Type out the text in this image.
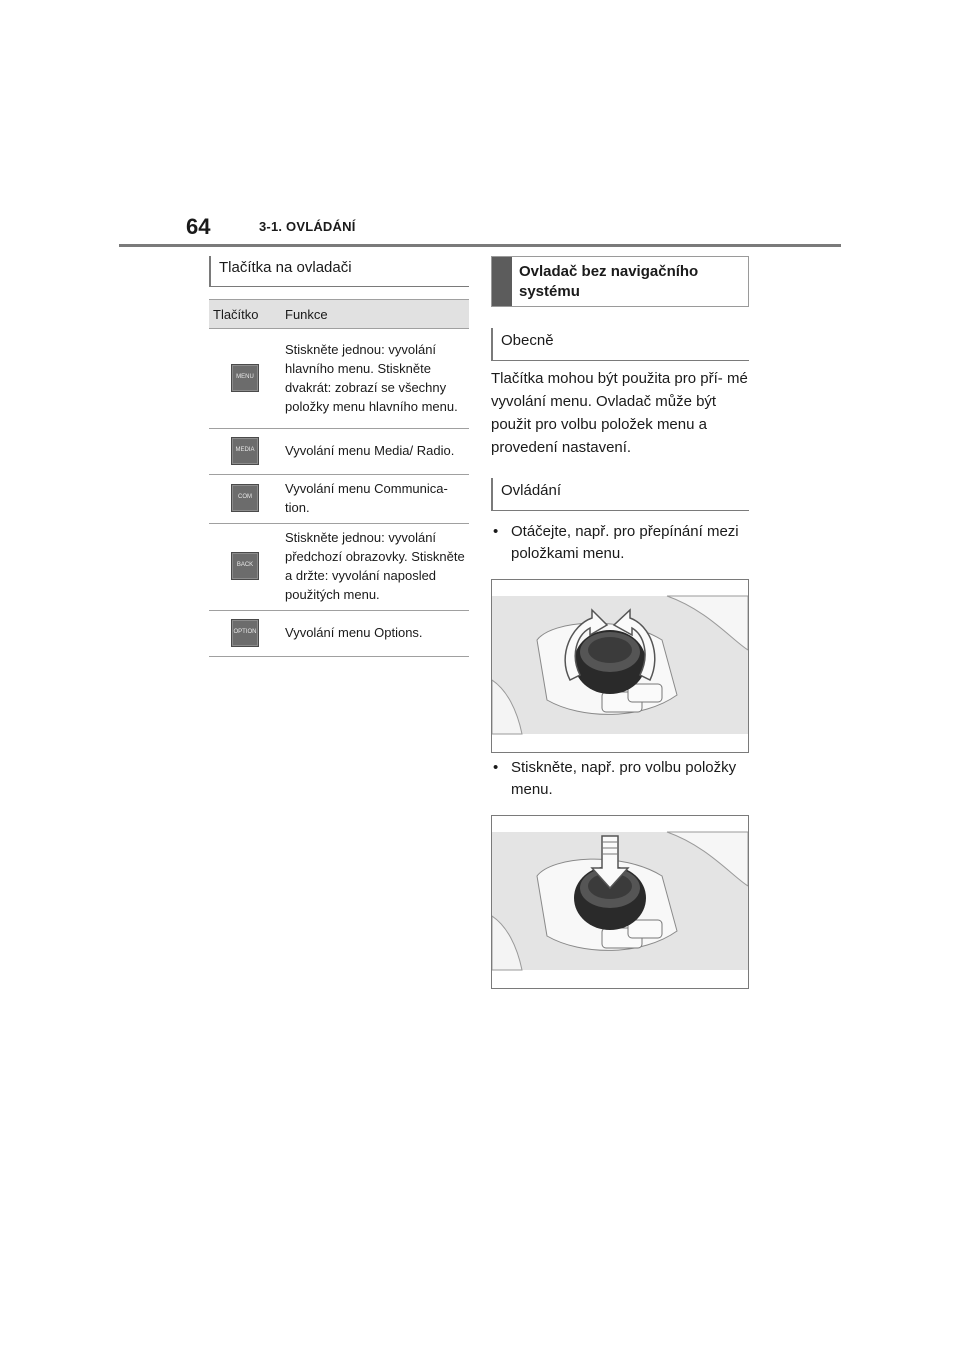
64	3-1. OVLÁDÁNÍ
Tlačítka na ovladači
Tlačítko	Funkce
MENU	Stiskněte jednou: vyvolání hlavního menu. Stiskněte dvakrát: zobrazí se všechny položky menu hlavního menu.
MEDIA	Vyvolání menu Media/ Radio.
COM	Vyvolání menu Communica- tion.
BACK	Stiskněte jednou: vyvolání předchozí obrazovky. Stiskněte a držte: vyvolání naposled použitých menu.
OPTION	Vyvolání menu Options.
Ovladač bez navigačního systému
Obecně

Tlačítka mohou být použita pro pří- mé vyvolání menu. Ovladač může být použit pro volbu položek menu a provedení nastavení.

Ovládání
• Otáčejte, např. pro přepínání mezi položkami menu.
• Stiskněte, např. pro volbu položky menu.
